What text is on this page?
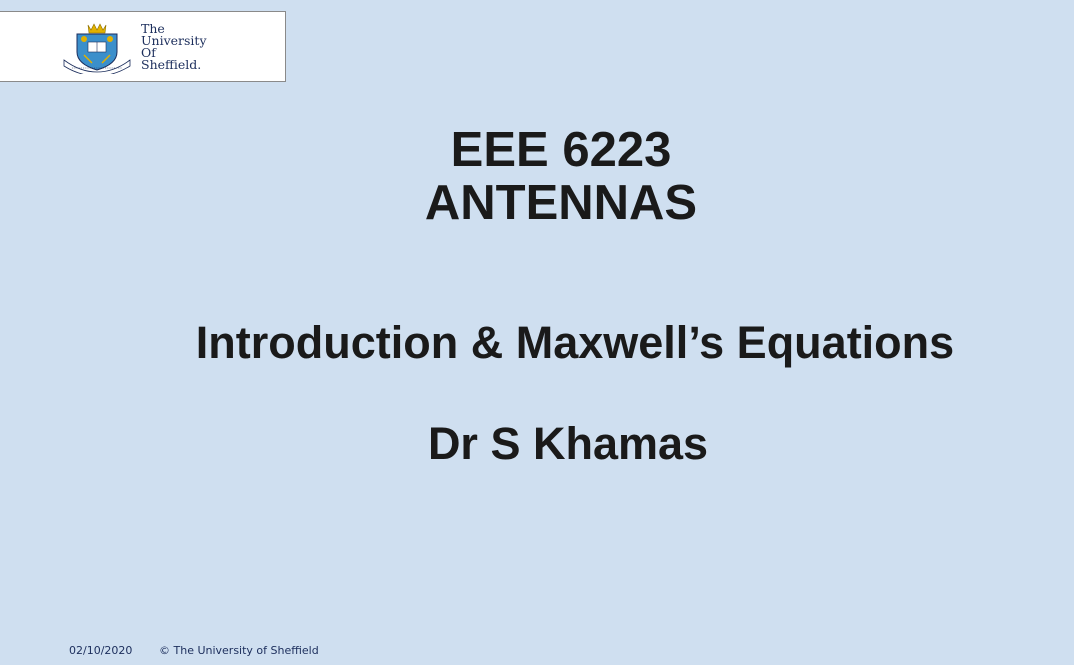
The
University
Of
Sheffield.
EEE 6223
ANTENNAS
Introduction & Maxwell’s Equations
Dr S Khamas
02/10/2020 © The University of Sheffield
